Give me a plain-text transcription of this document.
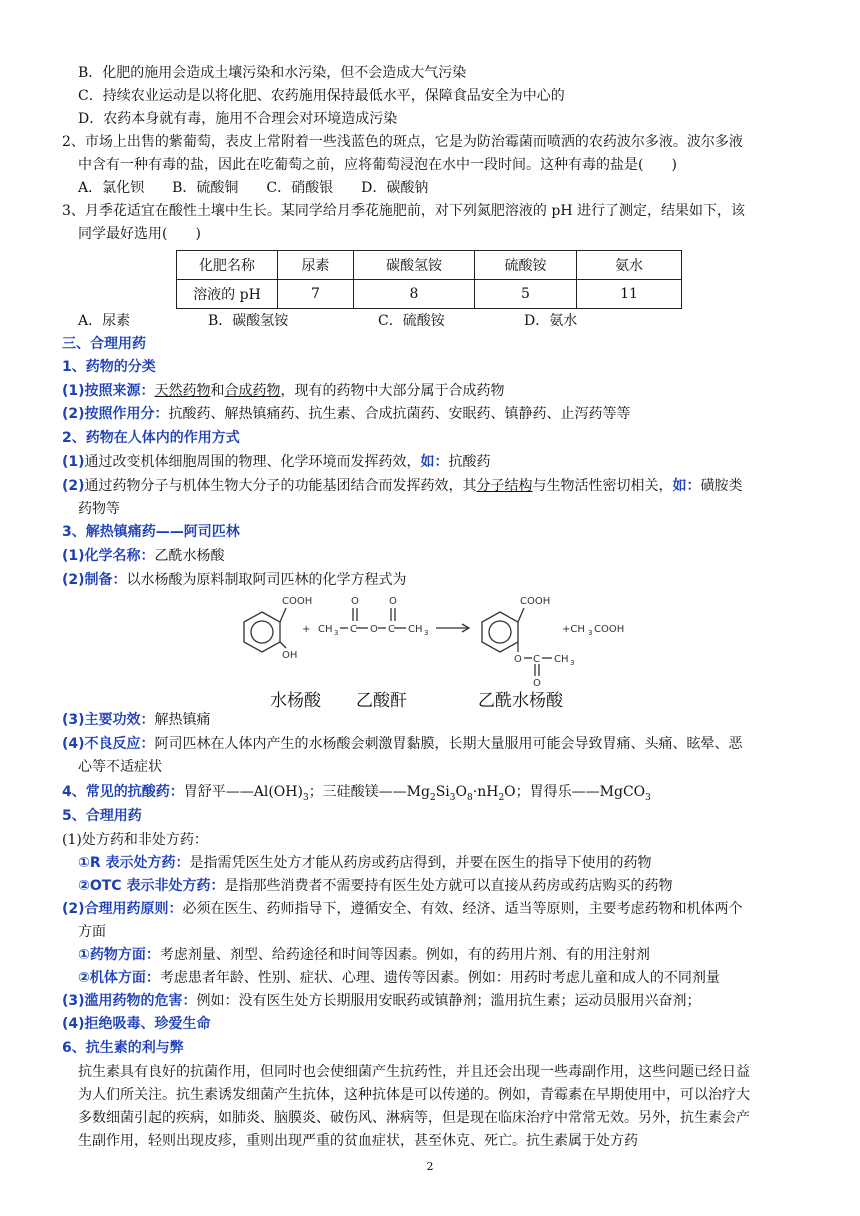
B．化肥的施用会造成土壤污染和水污染，但不会造成大气污染
C．持续农业运动是以将化肥、农药施用保持最低水平，保障食品安全为中心的
D．农药本身就有毒，施用不合理会对环境造成污染
2、市场上出售的紫葡萄，表皮上常附着一些浅蓝色的斑点，它是为防治霉菌而喷洒的农药波尔多液。波尔多液
中含有一种有毒的盐，因此在吃葡萄之前，应将葡萄浸泡在水中一段时间。这种有毒的盐是(　　)
A．氯化钡　　B．硫酸铜　　C．硝酸银　　D．碳酸钠
3、月季花适宜在酸性土壤中生长。某同学给月季花施肥前，对下列氮肥溶液的 pH 进行了测定，结果如下，该
同学最好选用(　　)
化肥名称	尿素	碳酸氢铵	硫酸铵	氨水
溶液的 pH	7	8	5	11
A．尿素	B．碳酸氢铵	C．硫酸铵	D．氨水
三、合理用药
1、药物的分类
(1)按照来源：天然药物和合成药物，现有的药物中大部分属于合成药物
(2)按照作用分：抗酸药、解热镇痛药、抗生素、合成抗菌药、安眠药、镇静药、止泻药等等
2、药物在人体内的作用方式
(1)通过改变机体细胞周围的物理、化学环境而发挥药效，如：抗酸药
(2)通过药物分子与机体生物大分子的功能基团结合而发挥药效，其分子结构与生物活性密切相关，如：磺胺类
药物等
3、解热镇痛药——阿司匹林
(1)化学名称：乙酰水杨酸
(2)制备：以水杨酸为原料制取阿司匹林的化学方程式为
COOH
OH
+ CH 3 C
O
O C
O
CH 3
COOH
O C
O
CH 3
+CH 3 COOH
水杨酸 乙酸酐	乙酰水杨酸
(3)主要功效：解热镇痛
(4)不良反应：阿司匹林在人体内产生的水杨酸会刺激胃黏膜，长期大量服用可能会导致胃痛、头痛、眩晕、恶
心等不适症状
4、常见的抗酸药：胃舒平$——Al(OH)_3$；三硅酸镁$——Mg_2Si_3O_8\cdot nH_2O$；胃得乐——MgCO$_3$
5、合理用药
(1)处方药和非处方药：
①R 表示处方药：是指需凭医生处方才能从药房或药店得到，并要在医生的指导下使用的药物
②OTC 表示非处方药：是指那些消费者不需要持有医生处方就可以直接从药房或药店购买的药物
(2)合理用药原则：必须在医生、药师指导下，遵循安全、有效、经济、适当等原则，主要考虑药物和机体两个
方面
①药物方面：考虑剂量、剂型、给药途径和时间等因素。例如，有的药用片剂、有的用注射剂
②机体方面：考虑患者年龄、性别、症状、心理、遗传等因素。例如：用药时考虑儿童和成人的不同剂量
(3)滥用药物的危害：例如：没有医生处方长期服用安眠药或镇静剂；滥用抗生素；运动员服用兴奋剂；
(4)拒绝吸毒、珍爱生命
6、抗生素的利与弊
抗生素具有良好的抗菌作用，但同时也会使细菌产生抗药性，并且还会出现一些毒副作用，这些问题已经日益
为人们所关注。抗生素诱发细菌产生抗体，这种抗体是可以传递的。例如，青霉素在早期使用中，可以治疗大
多数细菌引起的疾病，如肺炎、脑膜炎、破伤风、淋病等，但是现在临床治疗中常常无效。另外，抗生素会产
生副作用，轻则出现皮疹，重则出现严重的贫血症状，甚至休克、死亡。抗生素属于处方药
2
